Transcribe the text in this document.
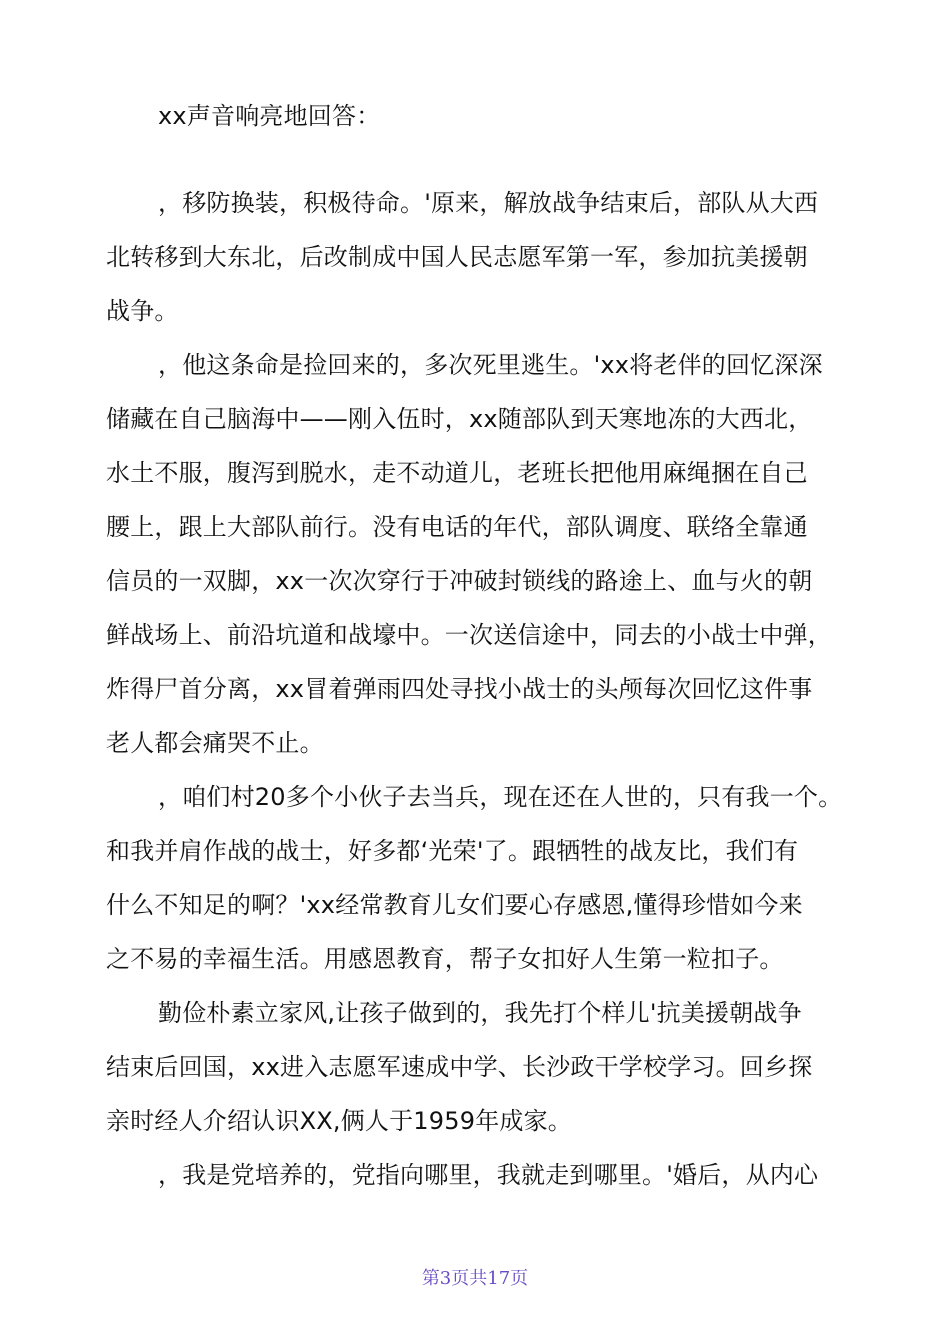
xx声音响亮地回答：
，移防换装，积极待命。'原来，解放战争结束后，部队从大西
北转移到大东北，后改制成中国人民志愿军第一军，参加抗美援朝
战争。
，他这条命是捡回来的，多次死里逃生。'xx将老伴的回忆深深
储藏在自己脑海中——刚入伍时，xx随部队到天寒地冻的大西北，
水土不服，腹泻到脱水，走不动道儿，老班长把他用麻绳捆在自己
腰上，跟上大部队前行。没有电话的年代，部队调度、联络全靠通
信员的一双脚，xx一次次穿行于冲破封锁线的路途上、血与火的朝
鲜战场上、前沿坑道和战壕中。一次送信途中，同去的小战士中弹，
炸得尸首分离，xx冒着弹雨四处寻找小战士的头颅每次回忆这件事
老人都会痛哭不止。
，咱们村20多个小伙子去当兵，现在还在人世的，只有我一个。
和我并肩作战的战士，好多都‘光荣'了。跟牺牲的战友比，我们有
什么不知足的啊？'xx经常教育儿女们要心存感恩,懂得珍惜如今来
之不易的幸福生活。用感恩教育，帮子女扣好人生第一粒扣子。
勤俭朴素立家风,让孩子做到的，我先打个样儿'抗美援朝战争
结束后回国，xx进入志愿军速成中学、长沙政干学校学习。回乡探
亲时经人介绍认识XX,俩人于1959年成家。
，我是党培养的，党指向哪里，我就走到哪里。'婚后，从内心
第3页共17页
